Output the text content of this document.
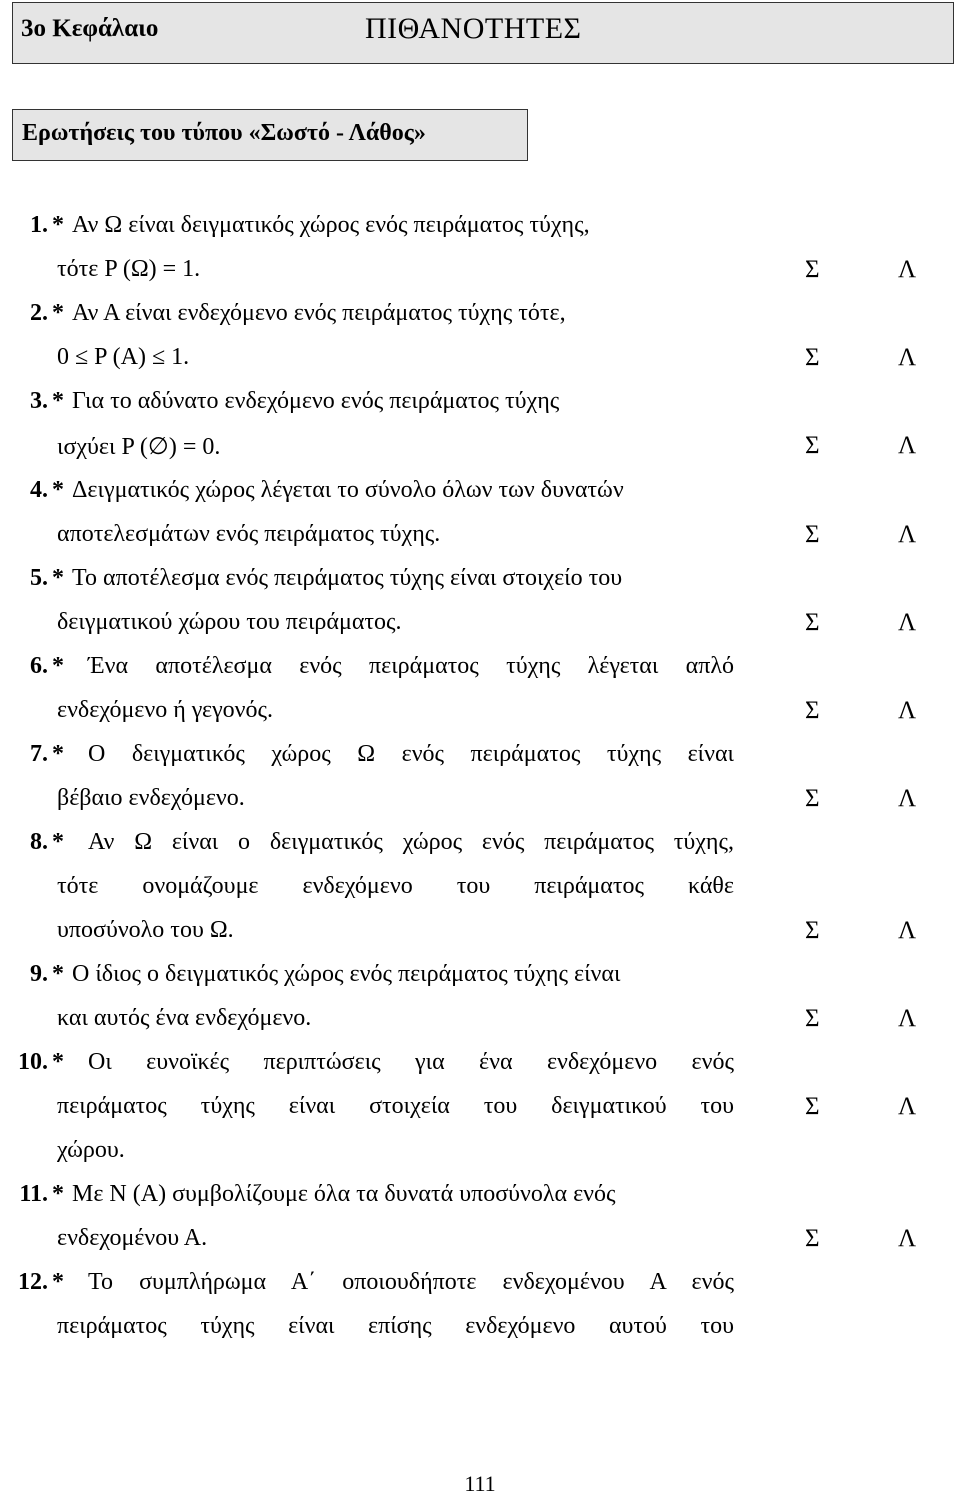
3ο Κεφάλαιο	ΠΙΘΑΝΟΤΗΤΕΣ
Ερωτήσεις του τύπου «Σωστό - Λάθος»
1. * Αν Ω είναι δειγματικός χώρος ενός πειράματος τύχης,
τότε P (Ω) = 1.	Σ	Λ
2. * Αν Α είναι ενδεχόμενο ενός πειράματος τύχης τότε,
0 ≤ P (A) ≤ 1.	Σ	Λ
3. * Για το αδύνατο ενδεχόμενο ενός πειράματος τύχης
ισχύει P (∅) = 0.	Σ	Λ
4. * Δειγματικός χώρος λέγεται το σύνολο όλων των δυνατών
αποτελεσμάτων ενός πειράματος τύχης.	Σ	Λ
5. * Το αποτέλεσμα ενός πειράματος τύχης είναι στοιχείο του
δειγματικού χώρου του πειράματος.	Σ	Λ
6. * Ένα αποτέλεσμα ενός πειράματος τύχης λέγεται απλό
ενδεχόμενο ή γεγονός.	Σ	Λ
7. * Ο δειγματικός χώρος Ω ενός πειράματος τύχης είναι
βέβαιο ενδεχόμενο.	Σ	Λ
8. * Αν Ω είναι ο δειγματικός χώρος ενός πειράματος τύχης,
τότε ονομάζουμε ενδεχόμενο του πειράματος κάθε
υποσύνολο του Ω.	Σ	Λ
9. * Ο ίδιος ο δειγματικός χώρος ενός πειράματος τύχης είναι
και αυτός ένα ενδεχόμενο.	Σ	Λ
10. * Οι ευνοϊκές περιπτώσεις για ένα ενδεχόμενο ενός
πειράματος τύχης είναι στοιχεία του δειγματικού του
χώρου.
Σ	Λ
11. * Με Ν (Α) συμβολίζουμε όλα τα δυνατά υποσύνολα ενός
ενδεχομένου Α.	Σ	Λ
12. * Το συμπλήρωμα Α΄ οποιουδήποτε ενδεχομένου Α ενός
πειράματος τύχης είναι επίσης ενδεχόμενο αυτού του
111
